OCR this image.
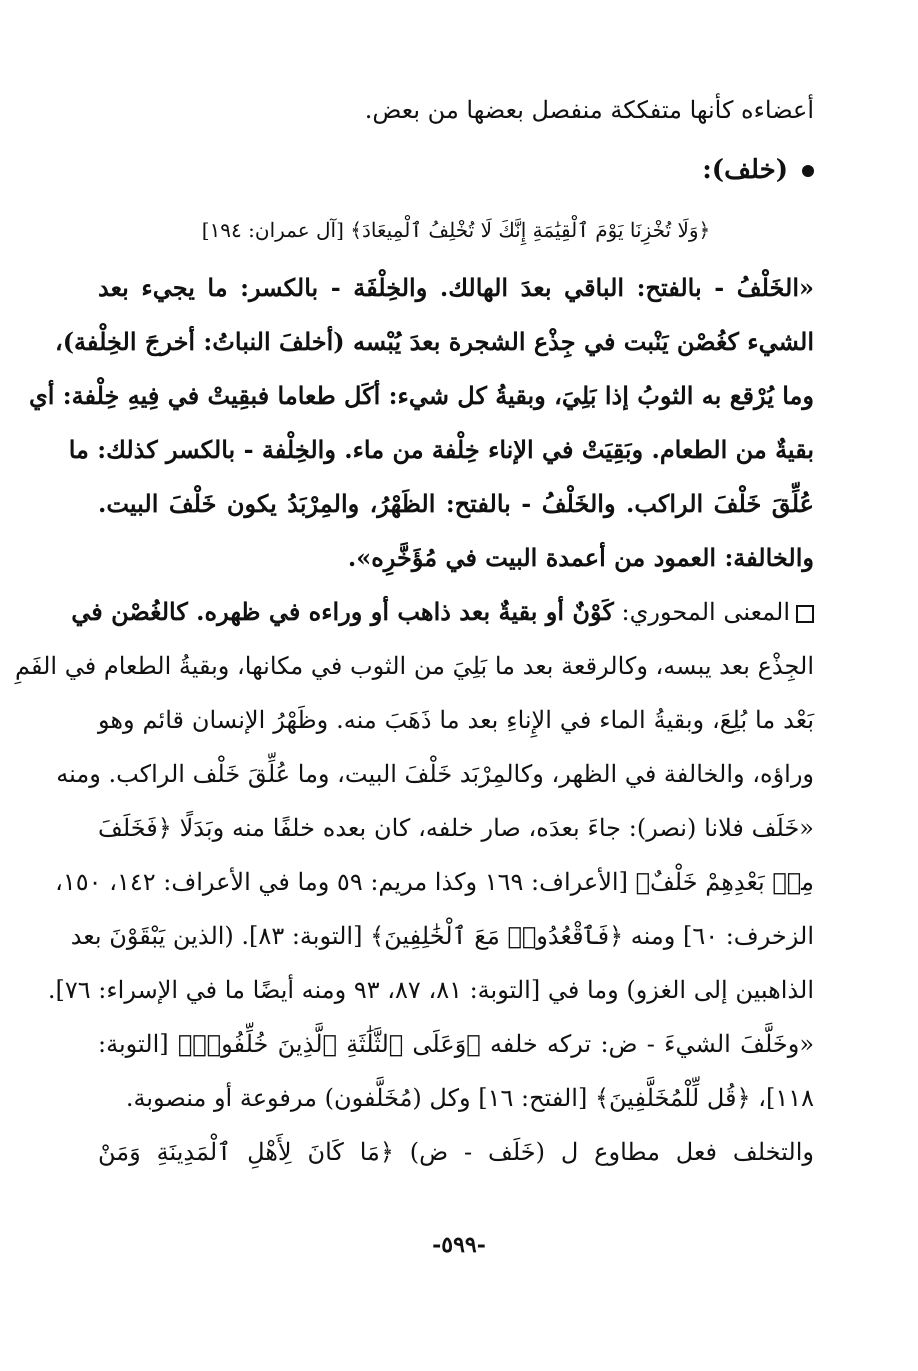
أعضاءه كأنها متفككة منفصل بعضها من بعض.
(خلف):
﴿وَلَا تُخْزِنَا يَوْمَ ٱلْقِيَٰمَةِ إِنَّكَ لَا تُخْلِفُ ٱلْمِيعَادَ﴾ [آل عمران: ١٩٤]
«الخَلْفُ - بالفتح: الباقي بعدَ الهالك. والخِلْفَة - بالكسر: ما يجيء بعد
الشيء كغُصْن يَنْبت في جِذْع الشجرة بعدَ يُبْسه (أخلفَ النباتُ: أخرجَ الخِلْفة)،
وما يُرْقع به الثوبُ إذا بَلِيَ، وبقيةُ كل شيء: أكَل طعاما فبقِيتْ في فِيهِ خِلْفة: أي
بقيةٌ من الطعام. وبَقِيَتْ في الإناء خِلْفة من ماء. والخِلْفة - بالكسر كذلك: ما
عُلِّقَ خَلْفَ الراكب. والخَلْفُ - بالفتح: الظَهْرُ، والمِرْبَدُ يكون خَلْفَ البيت.
والخالفة: العمود من أعمدة البيت في مُؤَخَّرِه».
المعنى المحوري: كَوْنٌ أو بقيةٌ بعد ذاهب أو وراءه في ظهره. كالغُصْن في
الجِذْع بعد يبسه، وكالرقعة بعد ما بَلِيَ من الثوب في مكانها، وبقيةُ الطعام في الفَمِ
بَعْد ما بُلِعَ، وبقيةُ الماء في الإِناءِ بعد ما ذَهَبَ منه. وظَهْرُ الإنسان قائم وهو
وراؤه، والخالفة في الظهر، وكالمِرْبَد خَلْفَ البيت، وما عُلِّقَ خَلْف الراكب. ومنه
«خَلَف فلانا (نصر): جاءَ بعدَه، صار خلفه، كان بعده خلفًا منه وبَدَلًا ﴿فَخَلَفَ
مِنۢ بَعْدِهِمْ خَلْفٌ﴾ [الأعراف: ١٦٩ وكذا مريم: ٥٩ وما في الأعراف: ١٤٢، ١٥٠،
الزخرف: ٦٠] ومنه ﴿فَٱقْعُدُوا۟ مَعَ ٱلْخَٰلِفِينَ﴾ [التوبة: ٨٣]. (الذين يَبْقَوْنَ بعد
الذاهبين إلى الغزو) وما في [التوبة: ٨١، ٨٧، ٩٣ ومنه أيضًا ما في الإسراء: ٧٦].
«وخَلَّفَ الشيءَ - ض: تركه خلفه ﴿وَعَلَى ٱلثَّلَٰثَةِ ٱلَّذِينَ خُلِّفُوا۟﴾ [التوبة:
١١٨]، ﴿قُل لِّلْمُخَلَّفِينَ﴾ [الفتح: ١٦] وكل (مُخَلَّفون) مرفوعة أو منصوبة.
والتخلف فعل مطاوع ل (خَلَف - ض) ﴿مَا كَانَ لِأَهْلِ ٱلْمَدِينَةِ وَمَنْ
-٥٩٩-
